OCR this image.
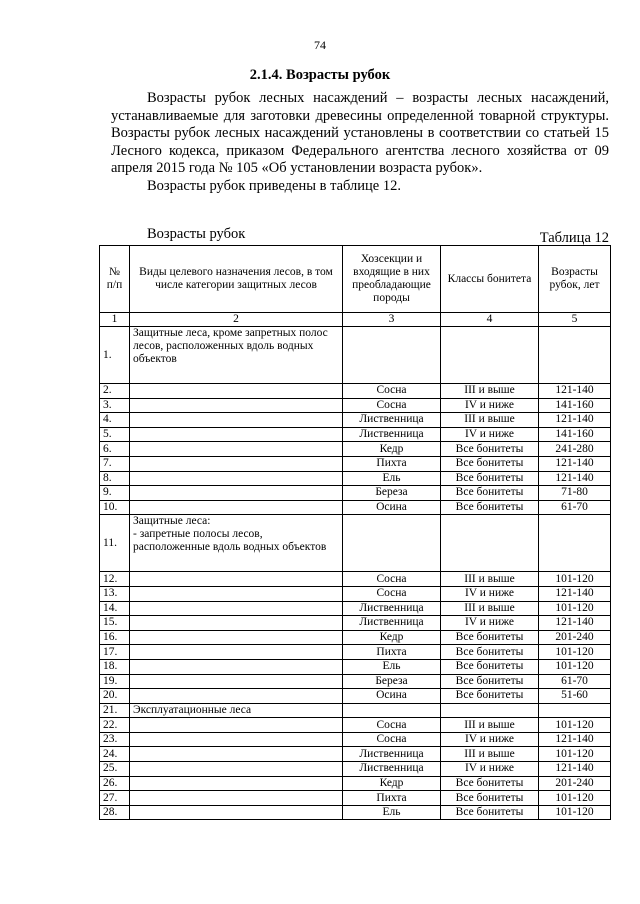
74
2.1.4. Возрасты рубок

Возрасты рубок лесных насаждений – возрасты лесных насаждений, устанавливаемые для заготовки древесины определенной товарной структуры. Возрасты рубок лесных насаждений установлены в соответствии со статьей 15 Лесного кодекса, приказом Федерального агентства лесного хозяйства от 09 апреля 2015 года № 105 «Об установлении возраста рубок».

Возрасты рубок приведены в таблице 12.

Возрасты рубок	Таблица 12
№ п/п	Виды целевого назначения лесов, в том числе категории защитных лесов	Хозсекции и входящие в них преобладающие породы	Классы бонитета	Возрасты рубок, лет
1	2	3	4	5
1.	Защитные леса, кроме запретных полос лесов, расположенных вдоль водных объектов			
2.		Сосна	III и выше	121-140
3.		Сосна	IV и ниже	141-160
4.		Лиственница	III и выше	121-140
5.		Лиственница	IV и ниже	141-160
6.		Кедр	Все бонитеты	241-280
7.		Пихта	Все бонитеты	121-140
8.		Ель	Все бонитеты	121-140
9.		Береза	Все бонитеты	71-80
10.		Осина	Все бонитеты	61-70
11.	Защитные леса:
- запретные полосы лесов, расположенные вдоль водных объектов			
12.		Сосна	III и выше	101-120
13.		Сосна	IV и ниже	121-140
14.		Лиственница	III и выше	101-120
15.		Лиственница	IV и ниже	121-140
16.		Кедр	Все бонитеты	201-240
17.		Пихта	Все бонитеты	101-120
18.		Ель	Все бонитеты	101-120
19.		Береза	Все бонитеты	61-70
20.		Осина	Все бонитеты	51-60
21.	Эксплуатационные леса			
22.		Сосна	III и выше	101-120
23.		Сосна	IV и ниже	121-140
24.		Лиственница	III и выше	101-120
25.		Лиственница	IV и ниже	121-140
26.		Кедр	Все бонитеты	201-240
27.		Пихта	Все бонитеты	101-120
28.		Ель	Все бонитеты	101-120
